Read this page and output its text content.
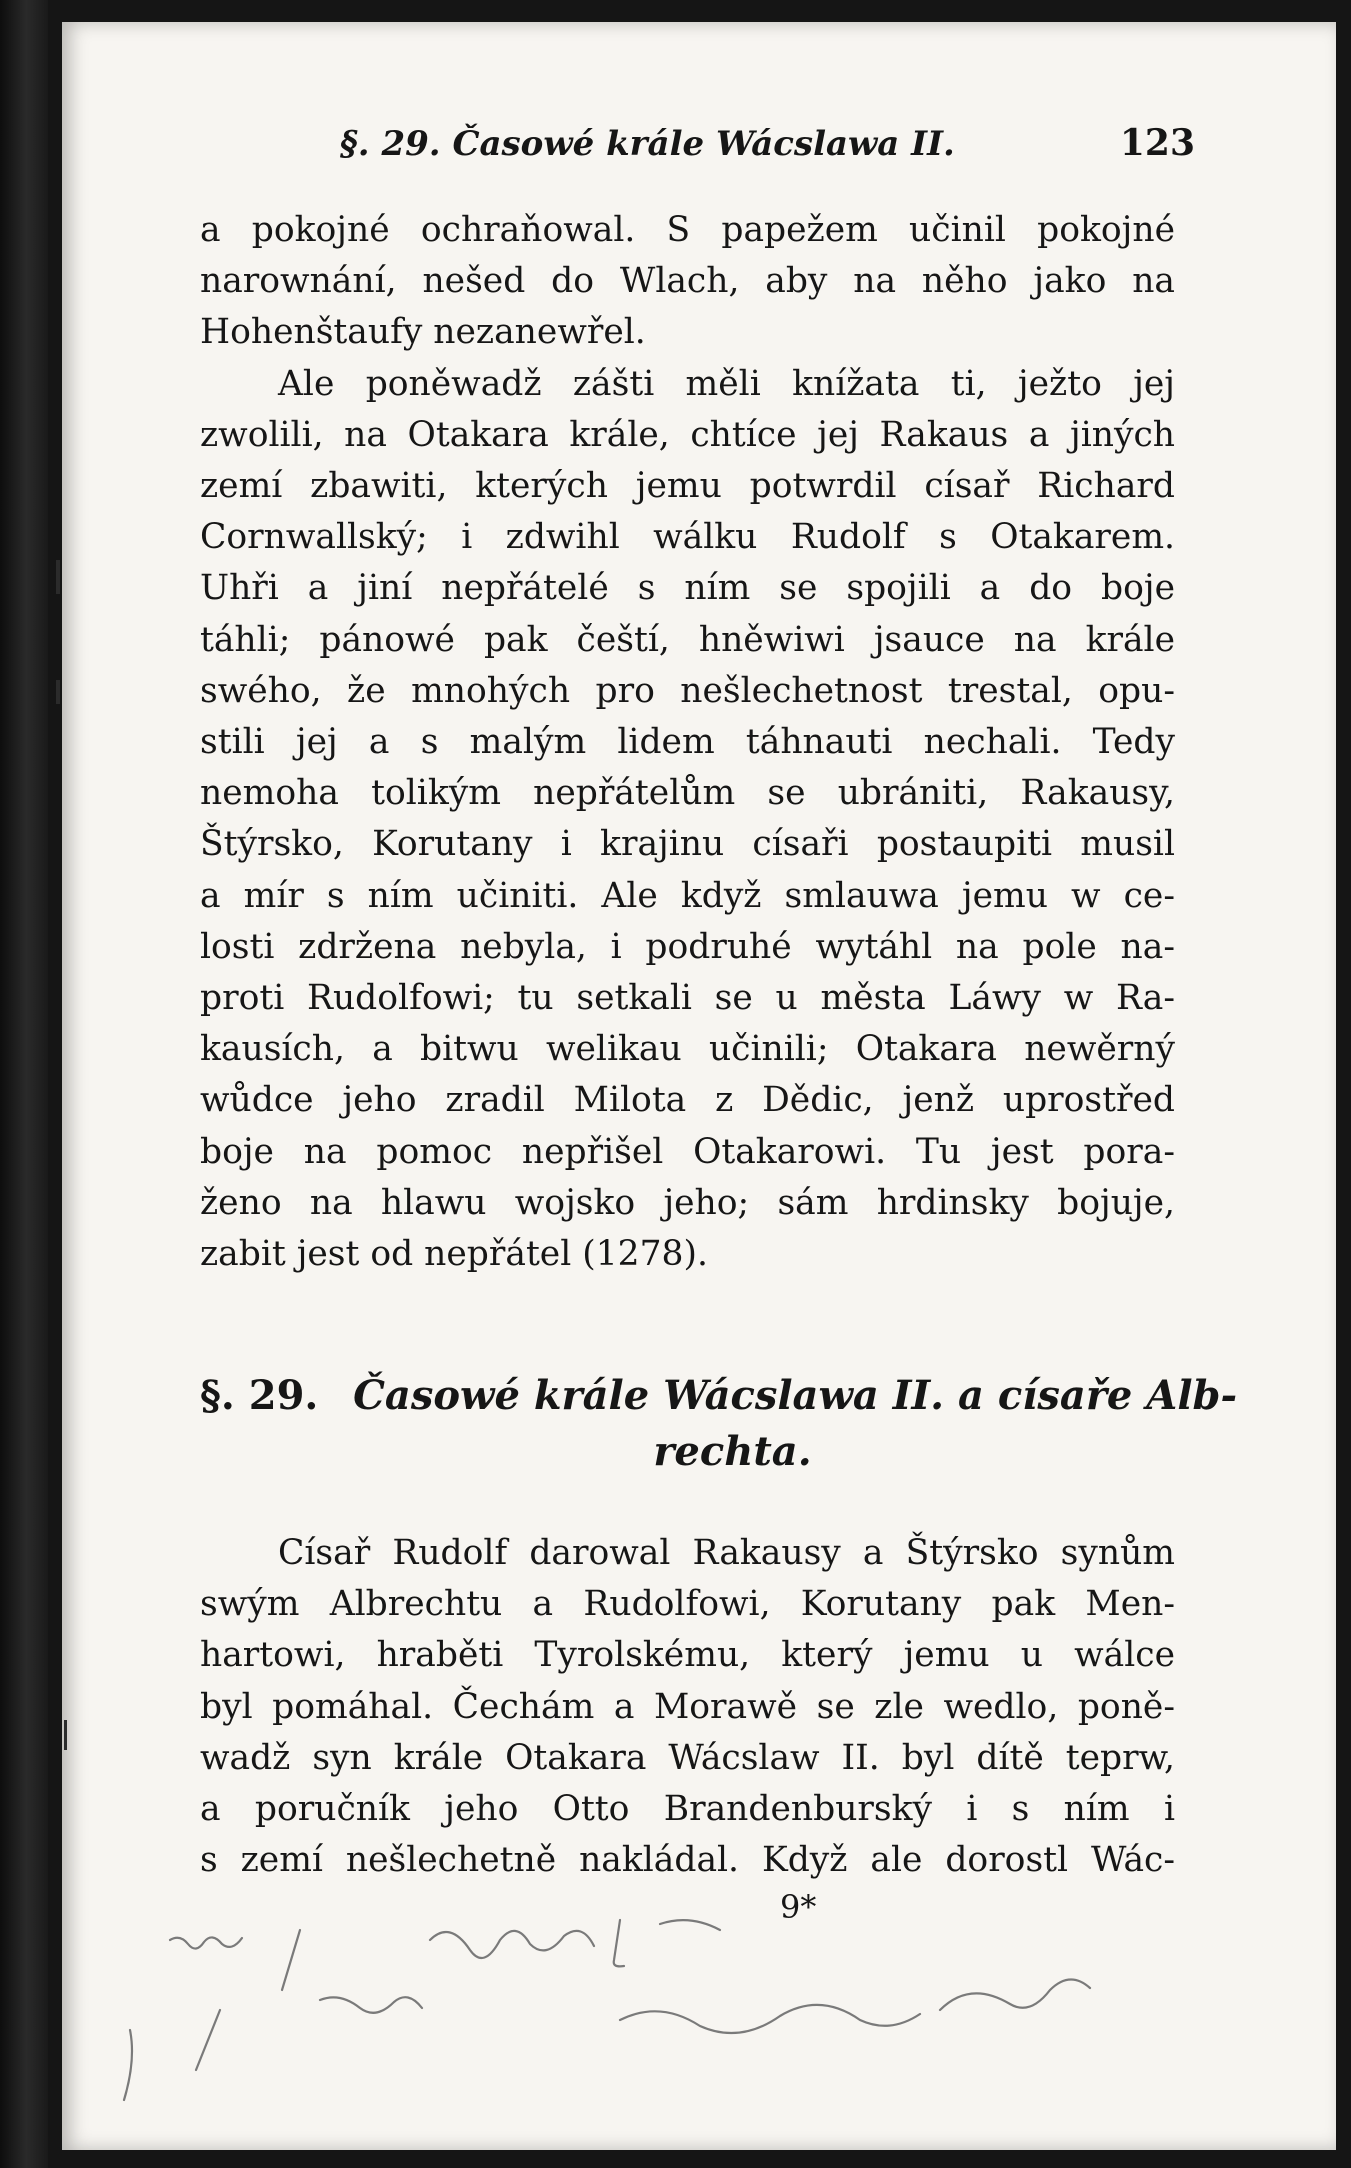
§. 29. Časowé krále Wácslawa II.	123
a pokojné ochraňowal. S papežem učinil pokojné
narownání, nešed do Wlach, aby na něho jako na
Hohenštaufy nezanewřel.
Ale poněwadž zášti měli knížata ti, ježto jej
zwolili, na Otakara krále, chtíce jej Rakaus a jiných
zemí zbawiti, kterých jemu potwrdil císař Richard
Cornwallský; i zdwihl wálku Rudolf s Otakarem.
Uhři a jiní nepřátelé s ním se spojili a do boje
táhli; pánowé pak čeští, hněwiwi jsauce na krále
swého, že mnohých pro nešlechetnost trestal, opu-
stili jej a s malým lidem táhnauti nechali. Tedy
nemoha tolikým nepřátelům se ubrániti, Rakausy,
Štýrsko, Korutany i krajinu císaři postaupiti musil
a mír s ním učiniti. Ale když smlauwa jemu w ce-
losti zdržena nebyla, i podruhé wytáhl na pole na-
proti Rudolfowi; tu setkali se u města Láwy w Ra-
kausích, a bitwu welikau učinili; Otakara newěrný
wůdce jeho zradil Milota z Dědic, jenž uprostřed
boje na pomoc nepřišel Otakarowi. Tu jest pora-
ženo na hlawu wojsko jeho; sám hrdinsky bojuje,
zabit jest od nepřátel (1278).
§. 29. Časowé krále Wácslawa II. a císaře Alb-
rechta.
Císař Rudolf darowal Rakausy a Štýrsko synům
swým Albrechtu a Rudolfowi, Korutany pak Men-
hartowi, hraběti Tyrolskému, který jemu u wálce
byl pomáhal. Čechám a Morawě se zle wedlo, poně-
wadž syn krále Otakara Wácslaw II. byl dítě teprw,
a poručník jeho Otto Brandenburský i s ním i
s zemí nešlechetně nakládal. Když ale dorostl Wác-
9*
